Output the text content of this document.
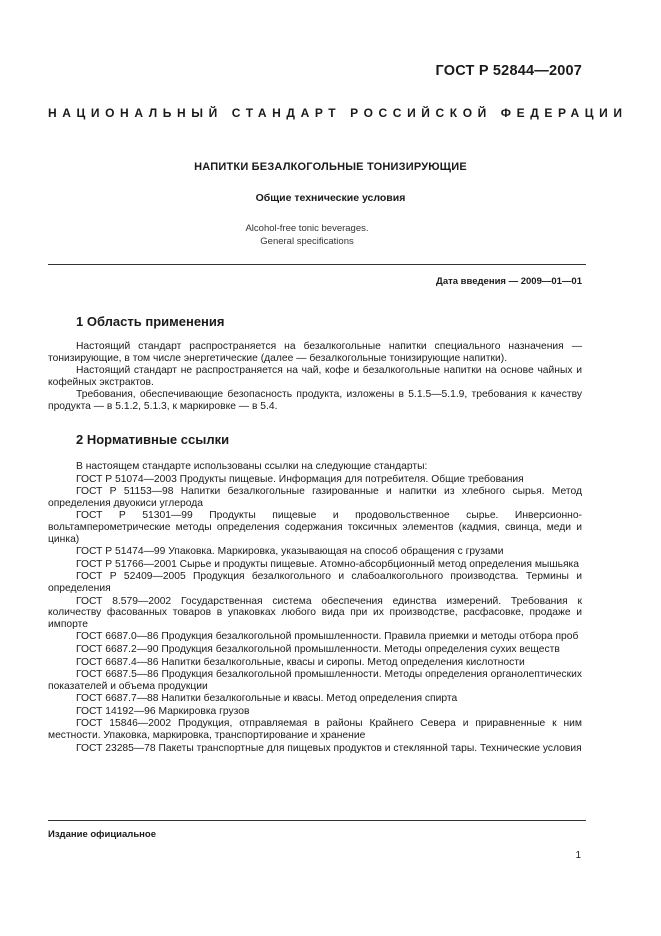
ГОСТ Р 52844—2007
НАЦИОНАЛЬНЫЙ СТАНДАРТ РОССИЙСКОЙ ФЕДЕРАЦИИ
НАПИТКИ БЕЗАЛКОГОЛЬНЫЕ ТОНИЗИРУЮЩИЕ
Общие технические условия
Alcohol-free tonic beverages.
General specifications
Дата введения — 2009—01—01
1 Область применения

Настоящий стандарт распространяется на безалкогольные напитки специального назначения — тонизирующие, в том числе энергетические (далее — безалкогольные тонизирующие напитки).

Настоящий стандарт не распространяется на чай, кофе и безалкогольные напитки на основе чайных и кофейных экстрактов.

Требования, обеспечивающие безопасность продукта, изложены в 5.1.5—5.1.9, требования к качеству продукта — в 5.1.2, 5.1.3, к маркировке — в 5.4.

2 Нормативные ссылки

В настоящем стандарте использованы ссылки на следующие стандарты:

ГОСТ Р 51074—2003 Продукты пищевые. Информация для потребителя. Общие требования

ГОСТ Р 51153—98 Напитки безалкогольные газированные и напитки из хлебного сырья. Метод определения двуокиси углерода

ГОСТ Р 51301—99 Продукты пищевые и продовольственное сырье. Инверсионно-вольтамперометрические методы определения содержания токсичных элементов (кадмия, свинца, меди и цинка)

ГОСТ Р 51474—99 Упаковка. Маркировка, указывающая на способ обращения с грузами

ГОСТ Р 51766—2001 Сырье и продукты пищевые. Атомно-абсорбционный метод определения мышьяка

ГОСТ Р 52409—2005 Продукция безалкогольного и слабоалкогольного производства. Термины и определения

ГОСТ 8.579—2002 Государственная система обеспечения единства измерений. Требования к количеству фасованных товаров в упаковках любого вида при их производстве, расфасовке, продаже и импорте

ГОСТ 6687.0—86 Продукция безалкогольной промышленности. Правила приемки и методы отбора проб

ГОСТ 6687.2—90 Продукция безалкогольной промышленности. Методы определения сухих веществ

ГОСТ 6687.4—86 Напитки безалкогольные, квасы и сиропы. Метод определения кислотности

ГОСТ 6687.5—86 Продукция безалкогольной промышленности. Методы определения органолептических показателей и объема продукции

ГОСТ 6687.7—88 Напитки безалкогольные и квасы. Метод определения спирта

ГОСТ 14192—96 Маркировка грузов

ГОСТ 15846—2002 Продукция, отправляемая в районы Крайнего Севера и приравненные к ним местности. Упаковка, маркировка, транспортирование и хранение

ГОСТ 23285—78 Пакеты транспортные для пищевых продуктов и стеклянной тары. Технические условия

Издание официальное
1
